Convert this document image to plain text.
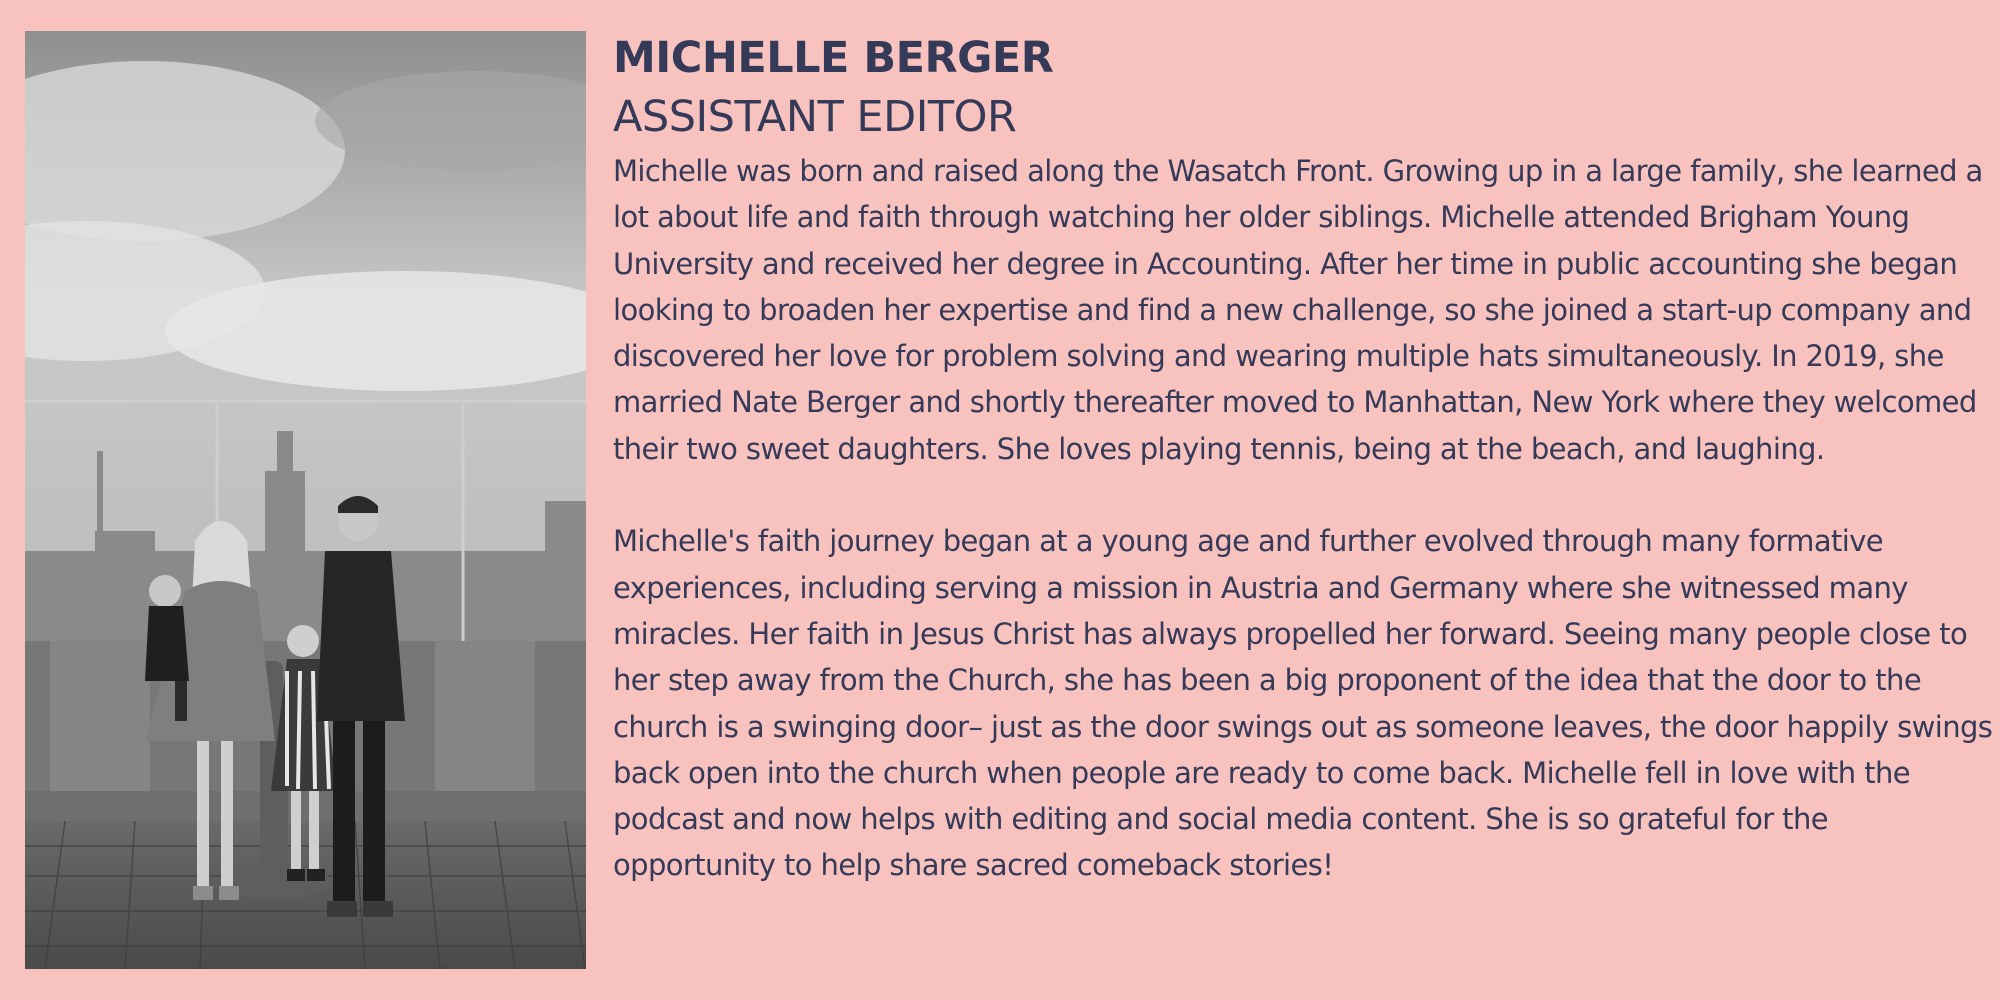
MICHELLE BERGER
ASSISTANT EDITOR

Michelle was born and raised along the Wasatch Front. Growing up in a large family, she learned a lot about life and faith through watching her older siblings. Michelle attended Brigham Young University and received her degree in Accounting. After her time in public accounting she began looking to broaden her expertise and find a new challenge, so she joined a start-up company and discovered her love for problem solving and wearing multiple hats simultaneously. In 2019, she married Nate Berger and shortly thereafter moved to Manhattan, New York where they welcomed their two sweet daughters. She loves playing tennis, being at the beach, and laughing.

Michelle's faith journey began at a young age and further evolved through many formative experiences, including serving a mission in Austria and Germany where she witnessed many miracles. Her faith in Jesus Christ has always propelled her forward. Seeing many people close to her step away from the Church, she has been a big proponent of the idea that the door to the church is a swinging door– just as the door swings out as someone leaves, the door happily swings back open into the church when people are ready to come back. Michelle fell in love with the podcast and now helps with editing and social media content. She is so grateful for the opportunity to help share sacred comeback stories!
